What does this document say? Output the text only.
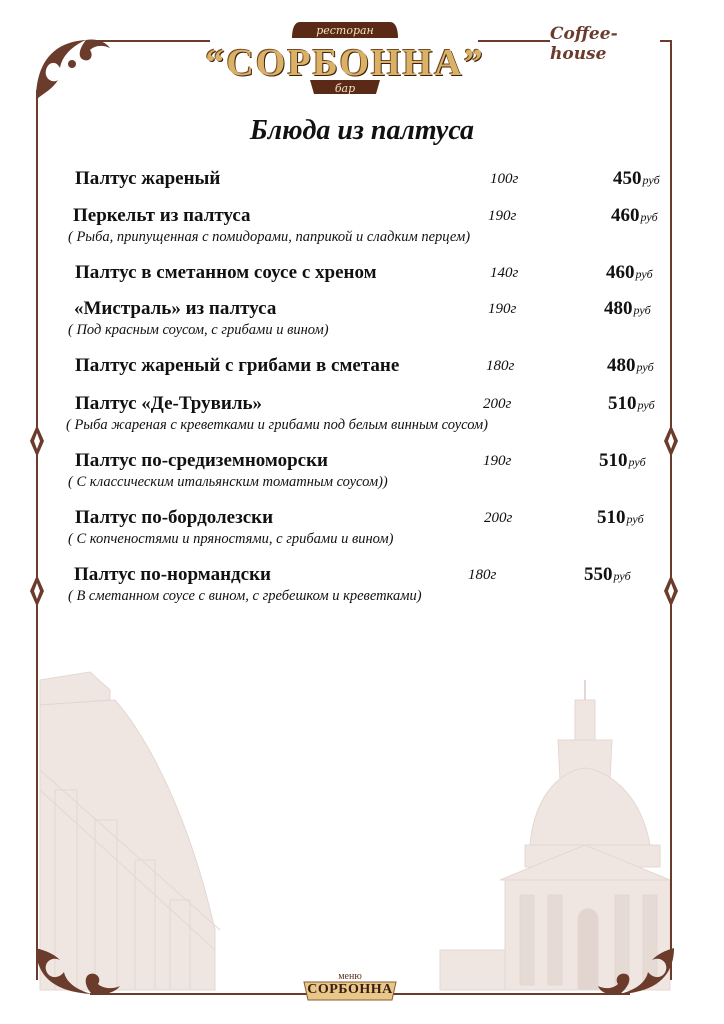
ресторан
“СОРБОННА”
бар
Coffee-house
Блюда из палтуса
Палтус жареный	100г	450руб
Перкельт из палтуса	190г	460руб
( Рыба, припущенная с помидорами, паприкой и сладким перцем)
Палтус в сметанном соусе с хреном	140г	460руб
«Мистраль» из палтуса	190г	480руб
( Под красным соусом, с грибами и вином)
Палтус жареный с грибами в сметане	180г	480руб
Палтус «Де-Трувиль»	200г	510руб
( Рыба жареная с креветками и грибами под белым винным соусом)
Палтус по-средиземноморски	190г	510руб
( С классическим итальянским томатным соусом))
Палтус по-бордолезски	200г	510руб
( С копченостями и пряностями, с грибами и вином)
Палтус по-нормандски	180г	550руб
( В сметанном соусе с вином, с гребешком и креветками)
меню
СОРБОННА
